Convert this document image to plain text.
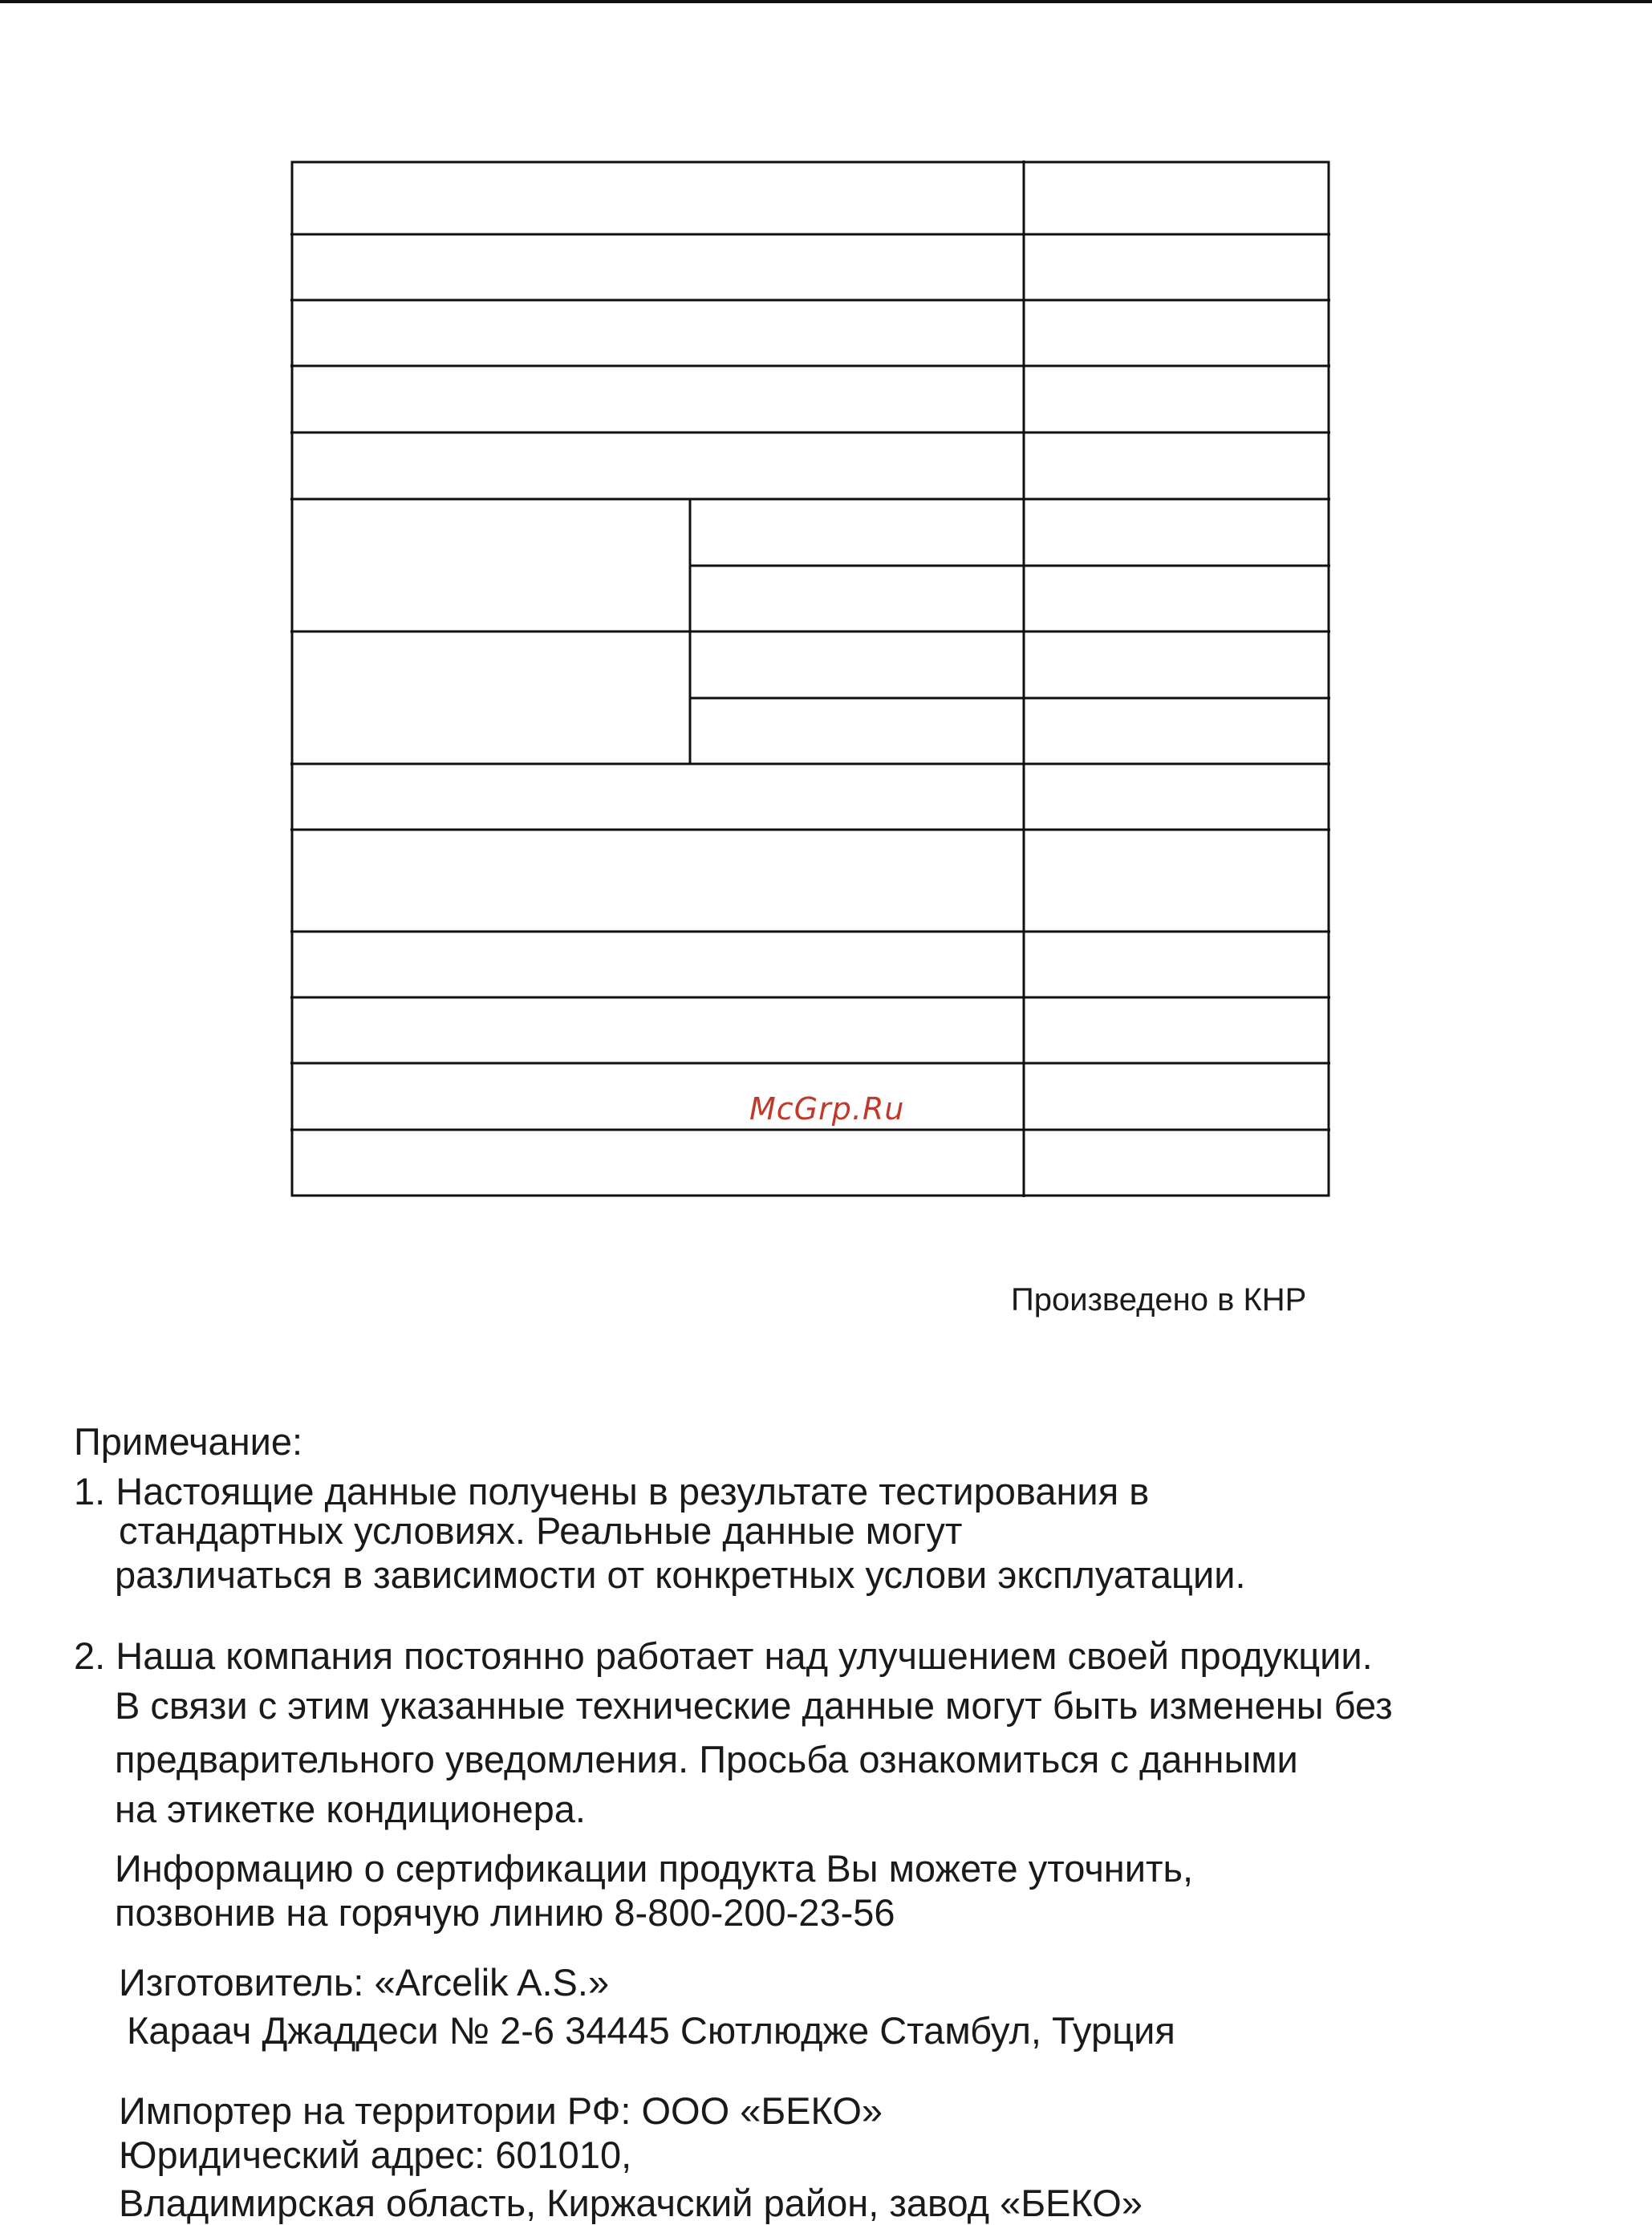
McGrp.Ru
Произведено в КНР
Примечание:
1. Настоящие данные получены в результате тестирования в
стандартных условиях. Реальные данные могут
различаться в зависимости от конкретных услови эксплуатации.
2. Наша компания постоянно работает над улучшением своей продукции.
В связи с этим указанные технические данные могут быть изменены без
предварительного уведомления. Просьба ознакомиться с данными
на этикетке кондиционера.
Информацию о сертификации продукта Вы можете уточнить,
позвонив на горячую линию 8-800-200-23-56
Изготовитель: «Arcelik A.S.»
Караач Джаддеси № 2-6 34445 Сютлюдже Стамбул, Турция
Импортер на территории РФ: ООО «БЕКО»
Юридический адрес: 601010,
Владимирская область, Киржачский район, завод «БЕКО»
